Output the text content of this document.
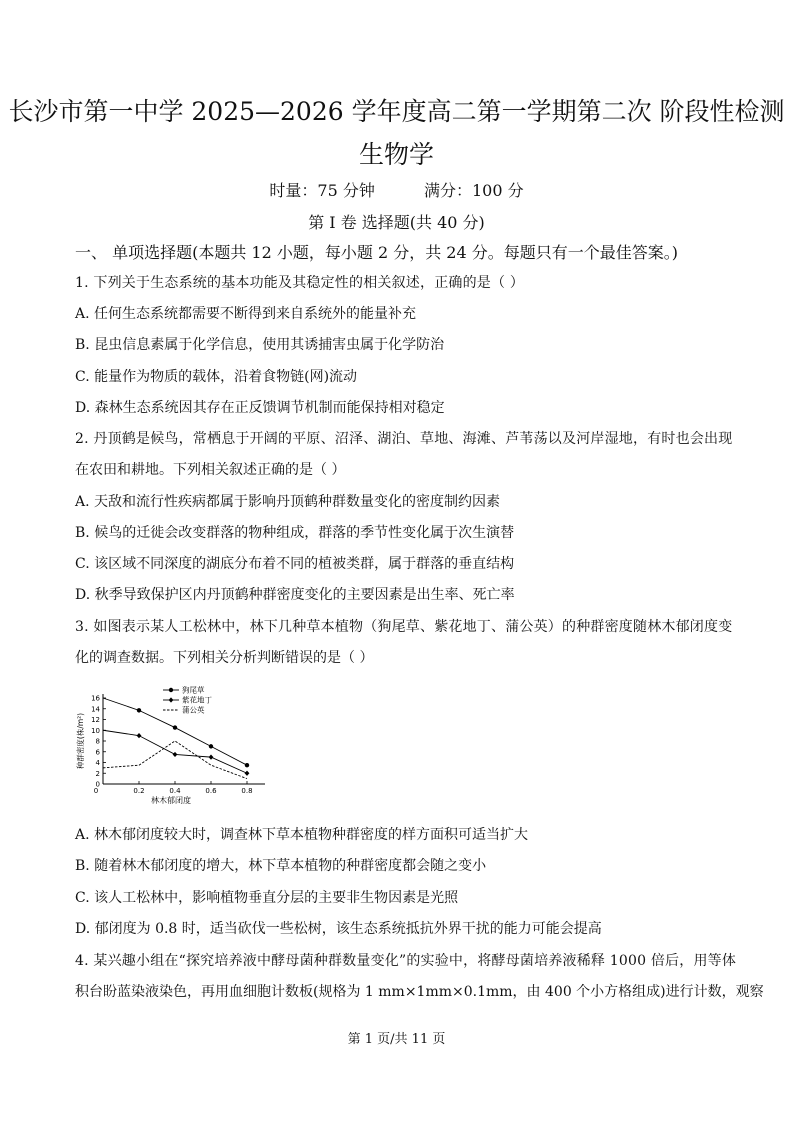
长沙市第一中学 2025—2026 学年度高二第一学期第二次 阶段性检测
生物学
时量：75 分钟	满分：100 分
第 I 卷 选择题(共 40 分)
一、 单项选择题(本题共 12 小题，每小题 2 分，共 24 分。每题只有一个最佳答案。)
1. 下列关于生态系统的基本功能及其稳定性的相关叙述，正确的是（ ）
A. 任何生态系统都需要不断得到来自系统外的能量补充
B. 昆虫信息素属于化学信息，使用其诱捕害虫属于化学防治
C. 能量作为物质的载体，沿着食物链(网)流动
D. 森林生态系统因其存在正反馈调节机制而能保持相对稳定
2. 丹顶鹤是候鸟，常栖息于开阔的平原、沼泽、湖泊、草地、海滩、芦苇荡以及河岸湿地，有时也会出现
在农田和耕地。下列相关叙述正确的是（ ）
A. 天敌和流行性疾病都属于影响丹顶鹤种群数量变化的密度制约因素
B. 候鸟的迁徙会改变群落的物种组成，群落的季节性变化属于次生演替
C. 该区域不同深度的湖底分布着不同的植被类群，属于群落的垂直结构
D. 秋季导致保护区内丹顶鹤种群密度变化的主要因素是出生率、死亡率
3. 如图表示某人工松林中，林下几种草本植物（狗尾草、紫花地丁、蒲公英）的种群密度随林木郁闭度变
化的调查数据。下列相关分析判断错误的是（ ）
0	0.2	0.4	0.6	0.8
0
2
4
6
8
10
12
14
16
林木郁闭度
种群密度(株/m²)
狗尾草
紫花地丁
蒲公英
A. 林木郁闭度较大时，调查林下草本植物种群密度的样方面积可适当扩大
B. 随着林木郁闭度的增大，林下草本植物的种群密度都会随之变小
C. 该人工松林中，影响植物垂直分层的主要非生物因素是光照
D. 郁闭度为 0.8 时，适当砍伐一些松树，该生态系统抵抗外界干扰的能力可能会提高
4. 某兴趣小组在“探究培养液中酵母菌种群数量变化”的实验中，将酵母菌培养液稀释 1000 倍后，用等体
积台盼蓝染液染色，再用血细胞计数板(规格为 1 mm×1mm×0.1mm，由 400 个小方格组成)进行计数，观察
第 1 页/共 11 页
